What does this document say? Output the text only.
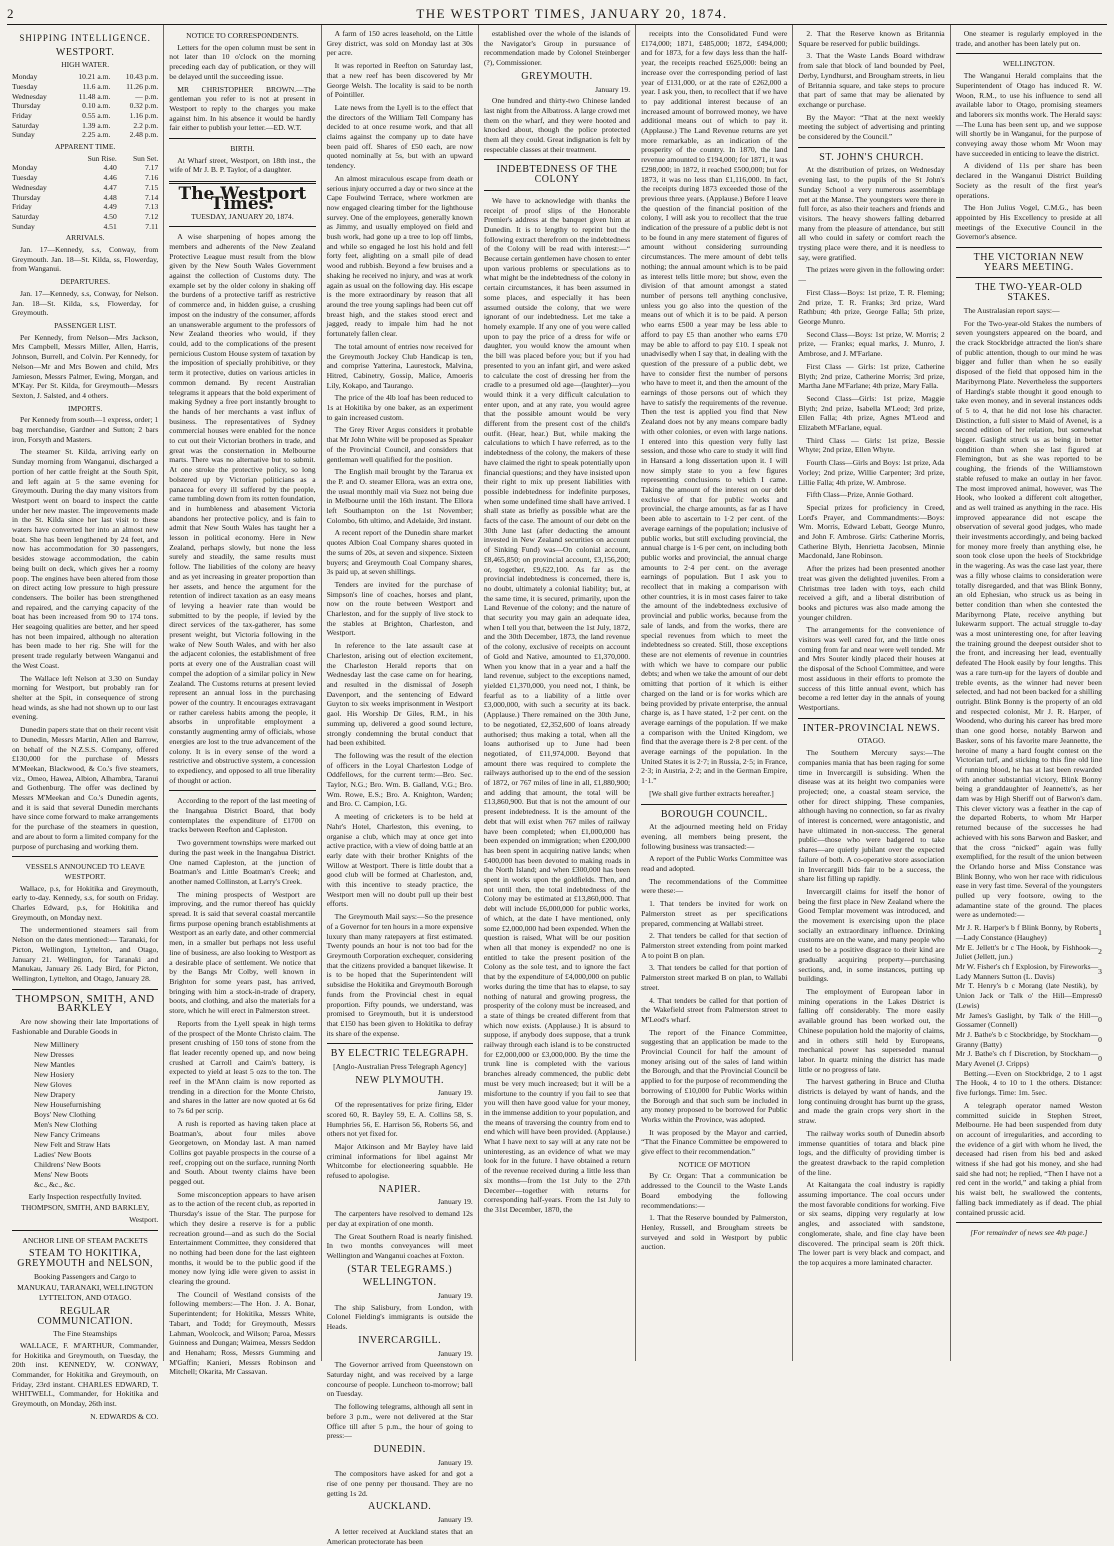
2	THE WESTPORT TIMES, JANUARY 20, 1874.
SHIPPING INTELLIGENCE.
WESTPORT.
HIGH WATER.
Monday	10.21 a.m.	10.43 p.m.
Tuesday	11.6 a.m.	11.26 p.m.
Wednesday	11.48 a.m.	— p.m.
Thursday	0.10 a.m.	0.32 p.m.
Friday	0.55 a.m.	1.16 p.m.
Saturday	1.39 a.m.	2.2 p.m.
Sunday	2.25 a.m.	2.48 p.m.
APPARENT TIME.
	Sun Rise.	Sun Set.
Monday	4.40	7.17
Tuesday	4.46	7.16
Wednesday	4.47	7.15
Thursday	4.48	7.14
Friday	4.49	7.13
Saturday	4.50	7.12
Sunday	4.51	7.11
ARRIVALS.

Jan. 17—Kennedy, s.s, Conway, from Greymouth. Jan. 18—St. Kilda, ss, Flowerday, from Wanganui.

DEPARTURES.

Jan. 17—Kennedy, s.s, Conway, for Nelson. Jan. 18—St. Kilda, s.s, Flowerday, for Greymouth.

PASSENGER LIST.

Per Kennedy, from Nelson—Mrs Jackson, Mrs Campbell, Messrs Miller, Allen, Harris, Johnson, Burrell, and Colvin. Per Kennedy, for Nelson—Mr and Mrs Bowen and child, Mrs Jamieson, Messrs Palmer, Ewing, Morgan, and M'Kay. Per St. Kilda, for Greymouth—Messrs Sexton, J. Salsted, and 4 others.

IMPORTS.

Per Kennedy from south—1 express, order; 1 bag merchandise, Gardner and Sutton; 2 bars iron, Forsyth and Masters.

The steamer St. Kilda, arriving early on Sunday morning from Wanganui, discharged a portion of her cattle freight at the South Spit, and left again at 5 the same evening for Greymouth. During the day many visitors from Westport went on board to inspect the cattle under her new master. The improvements made in the St. Kilda since her last visit to these waters have converted her into an almost new boat. She has been lengthened by 24 feet, and now has accommodation for 30 passengers, besides stowage accommodation, the cabin being built on deck, which gives her a roomy poop. The engines have been altered from those on direct acting low pressure to high pressure condensers. The boiler has been strengthened and repaired, and the carrying capacity of the boat has been increased from 90 to 174 tons. Her seagoing qualities are better, and her speed has not been impaired, although no alteration has been made to her rig. She will for the present trade regularly between Wanganui and the West Coast.

The Wallace left Nelson at 3.30 on Sunday morning for Westport, but probably ran for shelter at the Spit, in consequence of strong head winds, as she had not shown up to our last evening.

Dunedin papers state that on their recent visit to Dunedin, Messrs Martin, Allen and Barrow, on behalf of the N.Z.S.S. Company, offered £130,000 for the purchase of Messrs M'Meekan, Blackwood, & Co.'s five steamers, viz., Omeo, Hawea, Albion, Alhambra, Taranui and Gothenburg. The offer was declined by Messrs M'Meekan and Co.'s Dunedin agents, and it is said that several Dunedin merchants have since come forward to make arrangements for the purchase of the steamers in question, and are about to form a limited company for the purpose of purchasing and working them.

VESSELS ANNOUNCED TO LEAVE WESTPORT.

Wallace, p.s, for Hokitika and Greymouth, early to-day. Kennedy, s.s, for south on Friday. Charles Edward, p.s, for Hokitika and Greymouth, on Monday next.

The undermentioned steamers sail from Nelson on the dates mentioned:— Taranaki, for Picton, Wellington, Lyttelton, and Otago, January 21. Wellington, for Taranaki and Manukau, January 26. Lady Bird, for Picton, Wellington, Lyttelton, and Otago, January 28.

THOMPSON, SMITH, AND BARKLEY

Are now showing their late Importations of Fashionable and Durable Goods in

New Millinery
New Dresses
New Mantles
New Hosiery
New Gloves
New Drapery
New Housefurnishing
Boys' New Clothing
Men's New Clothing
New Fancy Crimeans
New Felt and Straw Hats
Ladies' New Boots
Childrens' New Boots
Mens' New Boots
&c., &c., &c.
Early Inspection respectfully Invited.
THOMPSON, SMITH, AND BARKLEY,
Westport.
ANCHOR LINE OF STEAM PACKETS
STEAM TO HOKITIKA, GREYMOUTH and NELSON,
Booking Passengers and Cargo to
MANUKAU, TARANAKI, WELLINGTON LYTTELTON, AND OTAGO.
REGULAR COMMUNICATION.
The Fine Steamships

WALLACE, F. M'ARTHUR, Commander, for Hokitika and Greymouth, on Tuesday, the 20th inst. KENNEDY, W. CONWAY, Commander, for Hokitika and Greymouth, on Friday, 23rd instant. CHARLES EDWARD, T. WHITWELL, Commander, for Hokitika and Greymouth, on Monday, 26th inst.

N. EDWARDS & CO.
NOTICE TO CORRESPONDENTS.

Letters for the open column must be sent in not later than 10 o'clock on the morning preceding each day of publication, or they will be delayed until the succeeding issue.

MR CHRISTOPHER BROWN.—The gentleman you refer to is not at present in Westport to reply to the charges you make against him. In his absence it would be hardly fair either to publish your letter.—ED. W.T.

BIRTH.

At Wharf street, Westport, on 18th inst., the wife of Mr J. B. P. Taylor, of a daughter.

The Westport Times.
TUESDAY, JANUARY 20, 1874.

A wise sharpening of hopes among the members and adherents of the New Zealand Protective League must result from the blow given by the New South Wales Government against the collection of Customs duty. The example set by the older colony in shaking off the burdens of a protective tariff as restrictive of commerce and, in hidden guise, a crushing impost on the industry of the consumer, affords an unanswerable argument to the professors of New Zealand theories who would, if they could, add to the complications of the present pernicious Custom House system of taxation by the imposition of specially prohibitive, or they term it protective, duties on various articles in common demand. By recent Australian telegrams it appears that the bold experiment of making Sydney a free port instantly brought to the hands of her merchants a vast influx of business. The representatives of Sydney commercial houses were enabled for the nonce to cut out their Victorian brothers in trade, and great was the consternation in Melbourne marts. There was no alternative but to submit. At one stroke the protective policy, so long bolstered up by Victorian politicians as a panacea for every ill suffered by the people, came tumbling down from its rotten foundation, and in humbleness and abasement Victoria abandons her protective policy, and is fain to admit that New South Wales has taught her a lesson in political economy. Here in New Zealand, perhaps slowly, but none the less surely and steadily, the same results must follow. The liabilities of the colony are heavy and as yet increasing in greater proportion than her assets, and hence the argument for the retention of indirect taxation as an easy means of levying a heavier rate than would be submitted to by the people, if levied by the direct services of the tax-gatherer, has some present weight, but Victoria following in the wake of New South Wales, and with her also the adjacent colonies, the establishment of free ports at every one of the Australian coast will compel the adoption of a similar policy in New Zealand. The Customs returns at present levied represent an annual loss in the purchasing power of the country. It encourages extravagant or rather careless habits among the people, it absorbs in unprofitable employment a constantly augmenting army of officials, whose energies are lost to the true advancement of the colony. It is in every sense of the word a restrictive and obstructive system, a concession to expediency, and opposed to all true liberality of thought or action.

According to the report of the last meeting of the Inangahua District Board, that body contemplates the expenditure of £1700 on tracks between Reefton and Capleston.

Two government townships were marked out during the past week in the Inangahua District. One named Capleston, at the junction of Boatman's and Little Boatman's Creek; and another named Collinston, at Larry's Creek.

The mining prospects of Westport are improving, and the rumor thereof has quickly spread. It is said that several coastal mercantile firms purpose opening branch establishments at Westport as an early date, and other commercial men, in a smaller but perhaps not less useful line of business, are also looking to Westport as a desirable place of settlement. We notice that by the Bangs Mr Colby, well known in Brighton for some years past, has arrived, bringing with him a stock-in-trade of drapery, boots, and clothing, and also the materials for a store, which he will erect in Palmerston street.

Reports from the Lyell speak in high terms of the prospect of the Monte Christo claim. The present crushing of 150 tons of stone from the flat leader recently opened up, and now being crushed at Carroll and Cairn's battery, is expected to yield at least 5 ozs to the ton. The reef in the M'Ann claim is now reported as trending in a direction for the Monte Christo, and shares in the latter are now quoted at 6s 6d to 7s 6d per scrip.

A rush is reported as having taken place at Boatman's, about four miles above Georgetown, on Monday last. A man named Collins got payable prospects in the course of a reef, cropping out on the surface, running North and South. About twenty claims have been pegged out.

Some misconception appears to have arisen as to the action of the recent club, as reported in Thursday's issue of the Star. The purpose for which they desire a reserve is for a public recreation ground—and as such do the Social Entertainment Committee, they considered that no nothing had been done for the last eighteen months, it would be to the public good if the money now lying idle were given to assist in clearing the ground.

The Council of Westland consists of the following members:—The Hon. J. A. Bonar, Superintendent; for Hokitika, Messrs White, Tabart, and Todd; for Greymouth, Messrs Lahman, Woolcock, and Wilson; Paroa, Messrs Guinness and Dungan; Waimea, Messrs Seddon and Henaham; Ross, Messrs Gumming and M'Gaffin; Kanieri, Messrs Robinson and Mitchell; Okarita, Mr Cassavan.

A farm of 150 acres leasehold, on the Little Grey district, was sold on Monday last at 30s per acre.

It was reported in Reefton on Saturday last, that a new reef has been discovered by Mr George Welsh. The locality is said to be north of Pointiller.

Late news from the Lyell is to the effect that the directors of the William Tell Company has decided to at once resume work, and that all claims against the company up to date have been paid off. Shares of £50 each, are now quoted nominally at 5s, but with an upward tendency.

An almost miraculous escape from death or serious injury occurred a day or two since at the Cape Foulwind Terrace, where workmen are now engaged clearing timber for the lighthouse survey. One of the employees, generally known as Jimmy, and usually employed on field and bush work, had gone up a tree to lop off limbs, and while so engaged he lost his hold and fell forty feet, alighting on a small pile of dead wood and rubbish. Beyond a few bruises and a shaking he received no injury, and was at work again as usual on the following day. His escape is the more extraordinary by reason that all around the tree young saplings had been cut off breast high, and the stakes stood erect and jagged, ready to impale him had he not fortunately fallen clear.

The total amount of entries now received for the Greymouth Jockey Club Handicap is ten, and comprise Yatterina, Laurestock, Malvina, Hitred, Cabinetry, Gossip, Malice, Amoeris Lily, Kokapo, and Taurango.

The price of the 4lb loaf has been reduced to 1s at Hokitika by one baker, as an experiment to gain increased custom.

The Grey River Argus considers it probable that Mr John White will be proposed as Speaker of the Provincial Council, and considers that gentleman well qualified for the position.

The English mail brought by the Tararua ex the P. and O. steamer Ellora, was an extra one, the usual monthly mail via Suez not being due in Melbourne until the 16th instant. The Ellora left Southampton on the 1st November; Colombo, 6th ultimo, and Adelaide, 3rd instant.

A recent report of the Dunedin share market quotes Albion Coal Company shares quoted in the sums of 20s, at seven and sixpence. Sixteen buyers; and Greymouth Coal Company shares, 3s paid up, at seven shillings.

Tenders are invited for the purchase of Simpson's line of coaches, horses and plant, now on the route between Westport and Charleston, and for the supply of live stock to the stables at Brighton, Charleston, and Westport.

In reference to the late assault case at Charleston, arising out of election excitement, the Charleston Herald reports that on Wednesday last the case came on for hearing, and resulted in the dismissal of Joseph Davenport, and the sentencing of Edward Guyton to six weeks imprisonment in Westport gaol. His Worship Dr Giles, R.M., in his summing up, delivered a good sound lecture, strongly condemning the brutal conduct that had been exhibited.

The following was the result of the election of officers in the Loyal Charleston Lodge of Oddfellows, for the current term:—Bro. Sec. Taylor, N.G.; Bro. Wm. B. Galland, V.G.; Bro. Wm. Rowe, E.S.; Bro. A. Knighton, Warden; and Bro. C. Campion, I.G.

A meeting of cricketers is to be held at Nahr's Hotel, Charleston, this evening, to organise a club, which may at once get into active practice, with a view of doing battle at an early date with their brother Knights of the Willow at Westport. There is little doubt that a good club will be formed at Charleston, and, with this incentive to steady practice, the Westport men will no doubt pull up their best efforts.

The Greymouth Mail says:—So the presence of a Governor for ten hours in a more expensive luxury than many ratepayers at first estimated. Twenty pounds an hour is not too bad for the Greymouth Corporation exchequer, considering that the citizens provided a banquet likewise. It is to be hoped that the Superintendent will subsidise the Hokitika and Greymouth Borough funds from the Provincial chest in equal proportion. Fifty pounds, we understand, was promised to Greymouth, but it is understood that £150 has been given to Hokitika to defray its share of the expense.

BY ELECTRIC TELEGRAPH.
[Anglo-Australian Press Telegraph Agency]
NEW PLYMOUTH.
January 19.

Of the representatives for prize firing, Elder scored 60, R. Bayley 59, E. A. Collins 58, S. Humphries 56, E. Harrison 56, Roberts 56, and others not yet fixed for.

Major Atkinson and Mr Bayley have laid criminal informations for libel against Mr Whitcombe for electioneering squabble. He refused to apologise.

NAPIER.
January 19.

The carpenters have resolved to demand 12s per day at expiration of one month.

The Great Southern Road is nearly finished. In two months conveyances will meet Wellington and Wanganui coaches at Foxton.

(STAR TELEGRAMS.)
WELLINGTON.
January 19.

The ship Salisbury, from London, with Colonel Fielding's immigrants is outside the Heads.

INVERCARGILL.
January 19.

The Governor arrived from Queenstown on Saturday night, and was received by a large concourse of people. Luncheon to-morrow; ball on Tuesday.

The following telegrams, although all sent in before 3 p.m., were not delivered at the Star Office till after 5 p.m., the hour of going to press:—

DUNEDIN.
January 19.

The compositors have asked for and got a rise of one penny per thousand. They are no getting 1s 2d.

AUCKLAND.
January 19.

A letter received at Auckland states that an American protectorate has been

established over the whole of the islands of the Navigator's Group in pursuance of recommendation made by Colonel Steinberger (?), Commissioner.

GREYMOUTH.
January 19.

One hundred and thirty-two Chinese landed last night from the Albatross. A large crowd met them on the wharf, and they were hooted and knocked about, though the police protected them all they could. Great indignation is felt by respectable classes at their treatment.

INDEBTEDNESS OF THE COLONY

We have to acknowledge with thanks the receipt of proof slips of the Honorable Premier's address at the banquet given him at Dunedin. It is to lengthy to reprint but the following extract therefrom on the indebtedness of the Colony will be read with interest:—“ Because certain gentlemen have chosen to enter upon various problems or speculations as to what might be the indebtedness of the colony in certain circumstances, it has been assumed in some places, and especially it has been assumed outside the colony, that we were ignorant of our indebtedness. Let me take a homely example. If any one of you were called upon to pay the price of a dress for wife or daughter, you would know the amount when the bill was placed before you; but if you had presented to you an infant girl, and were asked to calculate the cost of dressing her from the cradle to a presumed old age—(laughter)—you would think it a very difficult calculation to enter upon, and at any rate, you would agree that the possible amount would be very different from the present cost of the child's outfit. (Hear, hear.) But, while making the calculations to which I have referred, as to the indebtedness of the colony, the makers of these have claimed the right to speak potentially upon financial questions; and they have insisted upon their right to mix up present liabilities with possible indebtedness for indefinite purposes, when some undefined time shall have arrived. I shall state as briefly as possible what are the facts of the case. The amount of our debt on the 30th June last (after deducting the amount invested in New Zealand securities on account of Sinking Fund) was—On colonial account, £8,465,850; on provincial account, £3,156,200; or, together, £9,622,100. As far as the provincial indebtedness is concerned, there is, no doubt, ultimately a colonial liability; but, at the same time, it is secured, primarily, upon the Land Revenue of the colony; and the nature of that security you may gain an adequate idea, when I tell you that, between the 1st July, 1872, and the 30th December, 1873, the land revenue of the colony, exclusive of receipts on account of Gold and Native, amounted to £1,370,000. When you know that in a year and a half the land revenue, subject to the exceptions named, yielded £1,370,000, you need not, I think, be fearful as to a liability of a little over £3,000,000, with such a security at its back. (Applause.) There remained on the 30th June, to be negotiated, £2,352,600 of loans already authorised; thus making a total, when all the loans authorised up to June had been negotiated, of £11,974,000. Beyond that amount there was required to complete the railways authorised up to the end of the session of 1872, or 767 miles of line in all, £1,880,900; and adding that amount, the total will be £13,860,900. But that is not the amount of our present indebtedness. It is the amount of the debt that will exist when 767 miles of railway have been completed; when £1,000,000 has been expended on immigration; when £200,000 has been spent in acquiring native lands; when £400,000 has been devoted to making roads in the North Island; and when £300,000 has been spent in works upon the goldfields. Then, and not until then, the total indebtedness of the Colony may be estimated at £13,860,000. That debt will include £6,000,000 for public works, of which, at the date I have mentioned, only some £2,000,000 had been expended. When the question is raised, What will be our position when all that money is expended? no one is entitled to take the present position of the Colony as the sole test, and to ignore the fact that by the expenditure of £4,000,000 on public works during the time that has to elapse, to say nothing of natural and growing progress, the prosperity of the colony must be increased, and a state of things be created different from that which now exists. (Applause.) It is absurd to suppose, if anybody does suppose, that a trunk railway through each island is to be constructed for £2,000,000 or £3,000,000. By the time the trunk line is completed with the various branches already commenced, the public debt must be very much increased; but it will be a misfortune to the country if you fail to see that you will then have good value for your money, in the immense addition to your population, and the means of traversing the country from end to end which will have been provided. (Applause.) What I have next to say will at any rate not be uninteresting, as an evidence of what we may look for in the future. I have obtained a return of the revenue received during a little less than six months—from the 1st July to the 27th December—together with returns for corresponding half-years. From the 1st July to the 31st December, 1870, the

receipts into the Consolidated Fund were £174,000; 1871, £485,000; 1872, £494,000; and for 1873, for a few days less than the half-year, the receipts reached £625,000: being an increase over the corresponding period of last year of £131,000, or at the rate of £262,000 a year. I ask you, then, to recollect that if we have to pay additional interest because of an increased amount of borrowed money, we have additional means out of which to pay it. (Applause.) The Land Revenue returns are yet more remarkable, as an indication of the prosperity of the country. In 1870, the land revenue amounted to £194,000; for 1871, it was £298,000; in 1872, it reached £500,000; but for 1873, it was no less than £1,116,000. In fact, the receipts during 1873 exceeded those of the previous three years. (Applause.) Before I leave the question of the financial position of the colony, I will ask you to recollect that the true indication of the pressure of a public debt is not to be found in any mere statement of figures of amount without considering surrounding circumstances. The mere amount of debt tells nothing; the annual amount which is to be paid as interest tells little more; but show, even the division of that amount amongst a stated number of persons tell anything conclusive, unless you go also into the question of the means out of which it is to be paid. A person who earns £500 a year may be less able to afford to pay £5 than another who earns £70 may be able to afford to pay £10. I speak not unadvisedly when I say that, in dealing with the question of the pressure of a public debt, we have to consider first the number of persons who have to meet it, and then the amount of the earnings of those persons out of which they have to satisfy the requirements of the revenue. Then the test is applied you find that New Zealand does not by any means compare badly with other colonies, or even with large nations. I entered into this question very fully last session, and those who care to study it will find in Hansard a long dissertation upon it. I will now simply state to you a few figures representing conclusions to which I came. Taking the amount of the interest on our debt exclusive of that for public works and provincial, the charge amounts, as far as I have been able to ascertain to 1·2 per cent. of the average earnings of the population; inclusive of public works, but still excluding provincial, the annual charge is 1·6 per cent, on including both public works and provincial, the annual charge amounts to 2·4 per cent. on the average earnings of population. But I ask you to recollect that in making a comparison with other countries, it is in most cases fairer to take the amount of the indebtedness exclusive of provincial and public works, because from the sale of lands, and from the works, there are special revenues from which to meet the indebtedness so created. Still, those exceptions these are not elements of revenue in countries with which we have to compare our public debts; and when we take the amount of our debt omitting that portion of it which is either charged on the land or is for works which are being provided by private enterprise, the annual charge is, as I have stated, 1·2 per cent. on the average earnings of the population. If we make a comparison with the United Kingdom, we find that the average there is 2·8 per cent. of the average earnings of the population. In the United States it is 2·7; in Russia, 2·5; in France, 2·3; in Austria, 2·2; and in the German Empire, 1·1.”

[We shall give further extracts hereafter.]

BOROUGH COUNCIL.

At the adjourned meeting held on Friday evening, all members being present, the following business was transacted:—

A report of the Public Works Committee was read and adopted.

The recommendations of the Committee were these:—

1. That tenders be invited for work on Palmerston street as per specifications prepared, commencing at Wallabi street.

2. That tenders be called for that section of Palmerston street extending from point marked A to point B on plan.

3. That tenders be called for that portion of Palmerston street marked B on plan, to Wallabi street.

4. That tenders be called for that portion of the Wakefield street from Palmerston street to M'Leod's wharf.

The report of the Finance Committee, suggesting that an application be made to the Provincial Council for half the amount of money arising out of the sales of land within the Borough, and that the Provincial Council be applied to for the purpose of recommending the borrowing of £10,000 for Public Works within the Borough and that such sum be included in any money proposed to be borrowed for Public Works within the Province, was adopted.

It was proposed by the Mayor and carried, “That the Finance Committee be empowered to give effect to their recommendation.”

NOTICE OF MOTION

By Cr. Organ: That a communication be addressed to the Council to the Waste Lands Board embodying the following recommendations:—

1. That the Reserve bounded by Palmerston, Henley, Russell, and Brougham streets be surveyed and sold in Westport by public auction.

2. That the Reserve known as Britannia Square be reserved for public buildings.

3. That the Waste Lands Board withdraw from sale that block of land bounded by Peel, Derby, Lyndhurst, and Brougham streets, in lieu of Britannia square, and take steps to procure that part of same that may be alienated by exchange or purchase.

By the Mayor: “That at the next weekly meeting the subject of advertising and printing be considered by the Council.”

ST. JOHN'S CHURCH.

At the distribution of prizes, on Wednesday evening last, to the pupils of the St John's Sunday School a very numerous assemblage met at the Manse. The youngsters were there in full force, as also their teachers and friends and visitors. The heavy showers falling debarred many from the pleasure of attendance, but still all who could in safety or comfort reach the trysting place were there, and it is needless to say, were gratified.

The prizes were given in the following order:—

First Class—Boys: 1st prize, T. R. Fleming; 2nd prize, T. R. Franks; 3rd prize, Ward Rathbun; 4th prize, George Falla; 5th prize, George Munro.

Second Class—Boys: 1st prize, W. Morris; 2 prize, — Franks; equal marks, J. Munro, J. Ambrose, and J. M'Farlane.

First Class — Girls: 1st prize, Catherine Blyth; 2nd prize, Catherine Morris; 3rd prize, Martha Jane M'Farlane; 4th prize, Mary Falla.

Second Class—Girls: 1st prize, Maggie Blyth; 2nd prize, Isabella M'Leod; 3rd prize, Ellen Falla; 4th prize, Agnes M'Leod and Elizabeth M'Farlane, equal.

Third Class — Girls: 1st prize, Bessie Whyte; 2nd prize, Ellen Whyte.

Fourth Class—Girls and Boys: 1st prize, Ada Vorley; 2nd prize, Willie Carpenter; 3rd prize, Lillie Falla; 4th prize, W. Ambrose.

Fifth Class—Prize, Annie Gothard.

Special prizes for proficiency in Creed, Lord's Prayer, and Commandments:—Boys: Wm. Morris, Edward Lebatt, George Munro, and John F. Ambrose. Girls: Catherine Morris, Catherine Blyth, Henrietta Jacobsen, Minnie Macdonald, Jane Robinson.

After the prizes had been presented another treat was given the delighted juveniles. From a Christmas tree laden with toys, each child received a gift, and a liberal distribution of books and pictures was also made among the younger children.

The arrangements for the convenience of visitors was well cared for, and the little ones coming from far and near were well tended. Mr and Mrs Souter kindly placed their houses at the disposal of the School Committee, and were most assiduous in their efforts to promote the success of this little annual event, which has become a red letter day in the annals of young Westportians.

INTER-PROVINCIAL NEWS.
OTAGO.

The Southern Mercury says:—The companies mania that has been raging for some time in Invercargill is subsiding. When the disease was at its height two companies were projected; one, a coastal steam service, the other for direct shipping. These companies, although having no connection, so far as rivalry of interest is concerned, were antagonistic, and have ultimated in non-success. The general public—those who were badgered to take shares—are quietly jubilant over the expected failure of both. A co-operative store association in Invercargill bids fair to be a success, the share list filling up rapidly.

Invercargill claims for itself the honor of being the first place in New Zealand where the Good Templar movement was introduced, and the movement is exercising upon the place socially an extraordinary influence. Drinking customs are on the wane, and many people who used to be a positive disgrace to their kind are gradually acquiring property—purchasing sections, and, in some instances, putting up buildings.

The employment of European labor in mining operations in the Lakes District is falling off considerably. The more easily available ground has been worked out, the Chinese population hold the majority of claims, and in others still held by Europeans, mechanical power has superseded manual labor. In quartz mining the district has made little or no progress of late.

The harvest gathering in Bruce and Clutha districts is delayed by want of hands, and the long continuing drought has burnt up the grass, and made the grain crops very short in the straw.

The railway works south of Dunedin absorb immense quantities of totara and black pine logs, and the difficulty of providing timber is the greatest drawback to the rapid completion of the line.

At Kaitangata the coal industry is rapidly assuming importance. The coal occurs under the most favorable conditions for working. Five or six seams, dipping very regularly at low angles, and associated with sandstone, conglomerate, shale, and fine clay have been discovered. The principal seam is 20ft thick. The lower part is very black and compact, and the top acquires a more laminated character.

One steamer is regularly employed in the trade, and another has been lately put on.

WELLINGTON.

The Wanganui Herald complains that the Superintendent of Otago has induced R. W. Woon, R.M., to use his influence to send all available labor to Otago, promising steamers and laborers six months work. The Herald says:—The Luna has been sent up, and we suppose will shortly be in Wanganui, for the purpose of conveying away those whom Mr Woon may have succeeded in enticing to leave the district.

A dividend of 11s per share has been declared in the Wanganui District Building Society as the result of the first year's operations.

The Hon Julius Vogel, C.M.G., has been appointed by His Excellency to preside at all meetings of the Executive Council in the Governor's absence.

THE VICTORIAN NEW YEARS MEETING.
THE TWO-YEAR-OLD STAKES.

The Australasian report says:—

For the Two-year-old Stakes the numbers of seven youngsters appeared on the board, and the crack Stockbridge attracted the lion's share of public attention, though to our mind he was bigger and fuller than when he so easily disposed of the field that opposed him in the Maribyrnong Plate. Nevertheless the supporters of Harding's stable thought it good enough to take even money, and in several instances odds of 5 to 4, that he did not lose his character. Distinction, a full sister to Maid of Avenel, is a second edition of her relation, but somewhat bigger. Gaslight struck us as being in better condition than when she last figured at Flemington, but as she was reported to be coughing, the friends of the Williamstown stable refused to make an outlay in her favor. The most improved animal, however, was The Hook, who looked a different colt altogether, and as well trained as anything in the race. His improved appearance did not escape the observation of several good judges, who made their investments accordingly, and being backed for money more freely than anything else, he soon took close upon the heels of Stockbridge in the wagering. As was the case last year, there was a filly whose claims to consideration were totally disregarded, and that was Blink Bonny, an old Ephesian, who struck us as being in better condition than when she contested the Maribyrnong Plate, receive anything but lukewarm support. The actual struggle to-day was a most uninteresting one, for after leaving the training ground the deepest outsider shot to the front, and increasing her lead, eventually defeated The Hook easily by four lengths. This was a rare turn-up for the layers of double and treble events, as the winner had never been selected, and had not been backed for a shilling outright. Blink Bonny is the property of an old and respected colonist, Mr J. R. Harper, of Woodend, who during his career has bred more than one good horse, notably Barwon and Basker, sons of his favorite mare Jeannette, the heroine of many a hard fought contest on the Victorian turf, and sticking to this fine old line of running blood, he has at last been rewarded with another substantial victory, Blink Bonny being a granddaughter of Jeannette's, as her dam was by High Sheriff out of Barwon's dam. This clever victory was a feather in the cap of the departed Roberts, to whom Mr Harper returned because of the successes he had achieved with his sons Barwon and Basker, and that the cross “nicked” again was fully exemplified, for the result of the union between the Orlando horse and Miss Constance was Blink Bonny, who won her race with ridiculous ease in very fast time. Several of the youngsters pulled up very footsore, owing to the adamantine state of the ground. The places were as undernoted:—

Mr J. R. Harper's b f Blink Bonny, by Roberts—Lady Constance (Haughey)	1
Mr E. Jellett's br c The Hook, by Fishhook—Juliet (Jellett, jun.)	2
Mr W. Fisher's ch f Explosion, by Fireworks—Lady Manners Sutton (L. Davis)	3
Mr T. Henry's b c Morang (late Nestik), by Union Jack or Talk o' the Hill—Empress (Lewis)	0
Mr James's Gaslight, by Talk o' the Hill—Gossamer (Connell)	0
Mr J. Bathe's b c Stockbridge, by Stockham—Granny (Batty)	0
Mr J. Bathe's ch f Discretion, by Stockham—Mary Avenel (J. Cripps)	0

Betting.—Even on Stockbridge, 2 to 1 agst The Hook, 4 to 10 to 1 the others. Distance: five furlongs. Time: 1m. 5sec.

A telegraph operator named Weston committed suicide in Stephen Street, Melbourne. He had been suspended from duty on account of irregularities, and according to the evidence of a girl with whom he lived, the deceased had risen from his bed and asked witness if she had got his money, and she had said she had not; he replied, “Then I have not a red cent in the world,” and taking a phial from his waist belt, he swallowed the contents, falling back immediately as if dead. The phial contained prussic acid.

[For remainder of news see 4th page.]
